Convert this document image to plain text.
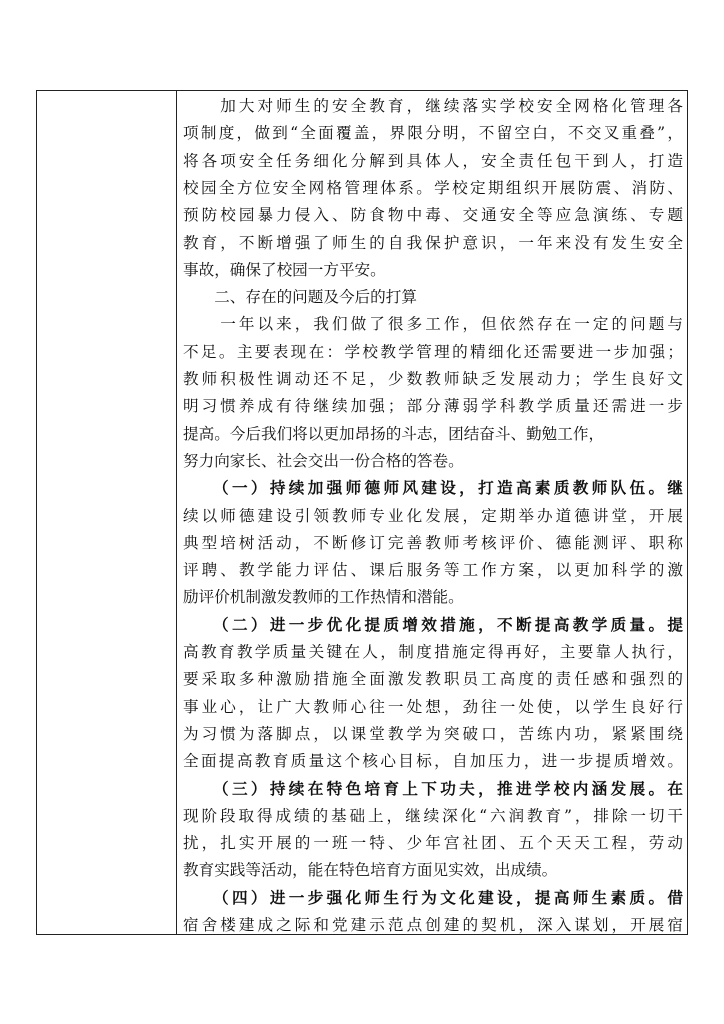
　　加大对师生的安全教育，继续落实学校安全网格化管理各
项制度，做到“全面覆盖，界限分明，不留空白，不交叉重叠”，
将各项安全任务细化分解到具体人，安全责任包干到人，打造
校园全方位安全网格管理体系。学校定期组织开展防震、消防、
预防校园暴力侵入、防食物中毒、交通安全等应急演练、专题
教育，不断增强了师生的自我保护意识，一年来没有发生安全
事故，确保了校园一方平安。
　　二、存在的问题及今后的打算
　　一年以来，我们做了很多工作，但依然存在一定的问题与
不足。主要表现在：学校教学管理的精细化还需要进一步加强；
教师积极性调动还不足，少数教师缺乏发展动力；学生良好文
明习惯养成有待继续加强；部分薄弱学科教学质量还需进一步
提高。今后我们将以更加昂扬的斗志，团结奋斗、勤勉工作，
努力向家长、社会交出一份合格的答卷。
　　（一）持续加强师德师风建设，打造高素质教师队伍。继
续以师德建设引领教师专业化发展，定期举办道德讲堂，开展
典型培树活动，不断修订完善教师考核评价、德能测评、职称
评聘、教学能力评估、课后服务等工作方案，以更加科学的激
励评价机制激发教师的工作热情和潜能。
　　（二）进一步优化提质增效措施，不断提高教学质量。提
高教育教学质量关键在人，制度措施定得再好，主要靠人执行，
要采取多种激励措施全面激发教职员工高度的责任感和强烈的
事业心，让广大教师心往一处想，劲往一处使，以学生良好行
为习惯为落脚点，以课堂教学为突破口，苦练内功，紧紧围绕
全面提高教育质量这个核心目标，自加压力，进一步提质增效。
　　（三）持续在特色培育上下功夫，推进学校内涵发展。在
现阶段取得成绩的基础上，继续深化“六润教育”，排除一切干
扰，扎实开展的一班一特、少年宫社团、五个天天工程，劳动
教育实践等活动，能在特色培育方面见实效，出成绩。
　　（四）进一步强化师生行为文化建设，提高师生素质。借
宿舍楼建成之际和党建示范点创建的契机，深入谋划，开展宿
